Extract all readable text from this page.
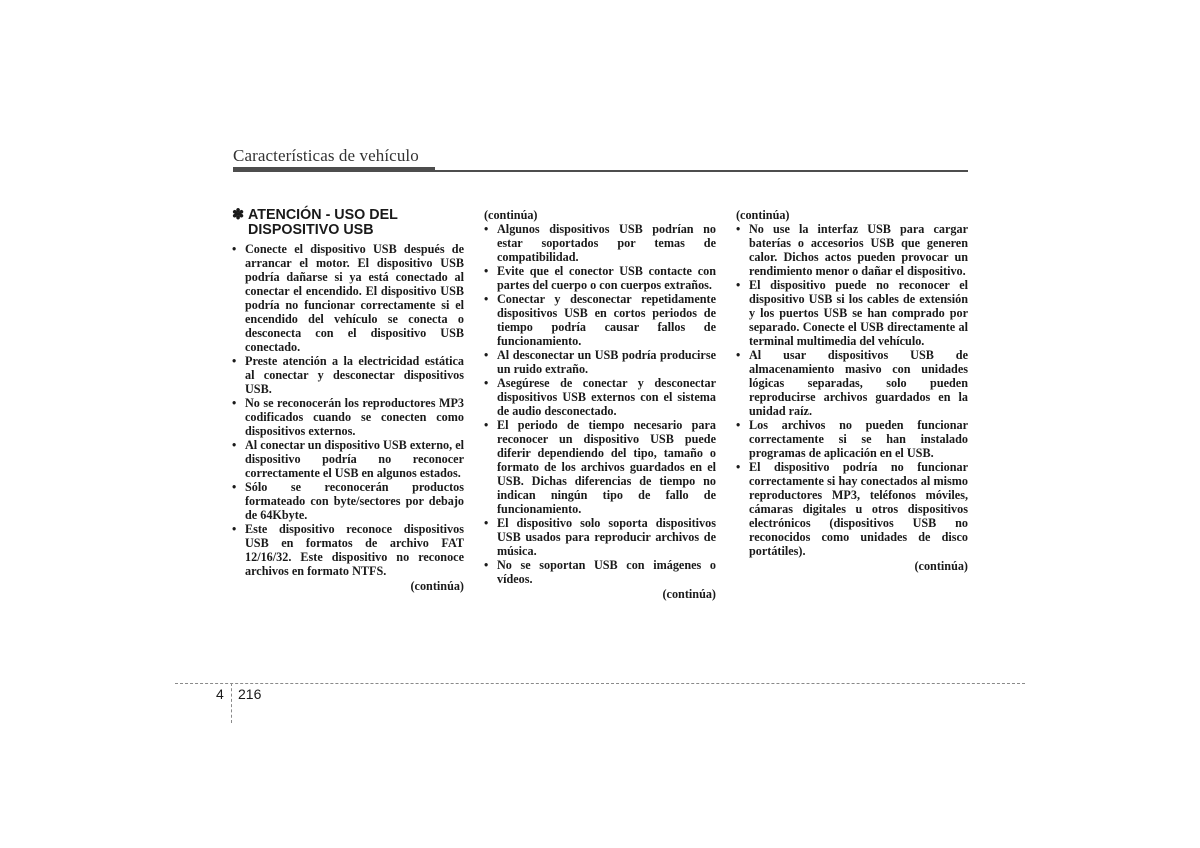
Características de vehículo
✽ ATENCIÓN - USO DEL DISPOSITIVO USB
• Conecte el dispositivo USB después de arrancar el motor. El dispositivo USB podría dañarse si ya está conectado al conectar el encendido. El dispositivo USB podría no funcionar correctamente si el encendido del vehículo se conecta o desconecta con el dispositivo USB conectado.
• Preste atención a la electricidad estática al conectar y desconectar dispositivos USB.
• No se reconocerán los reproductores MP3 codificados cuando se conecten como dispositivos externos.
• Al conectar un dispositivo USB externo, el dispositivo podría no reconocer correctamente el USB en algunos estados.
• Sólo se reconocerán productos formateado con byte/sectores por debajo de 64Kbyte.
• Este dispositivo reconoce dispositivos USB en formatos de archivo FAT 12/16/32. Este dispositivo no reconoce archivos en formato NTFS.
(continúa)
(continúa)
• Algunos dispositivos USB podrían no estar soportados por temas de compatibilidad.
• Evite que el conector USB contacte con partes del cuerpo o con cuerpos extraños.
• Conectar y desconectar repetidamente dispositivos USB en cortos periodos de tiempo podría causar fallos de funcionamiento.
• Al desconectar un USB podría producirse un ruido extraño.
• Asegúrese de conectar y desconectar dispositivos USB externos con el sistema de audio desconectado.
• El periodo de tiempo necesario para reconocer un dispositivo USB puede diferir dependiendo del tipo, tamaño o formato de los archivos guardados en el USB. Dichas diferencias de tiempo no indican ningún tipo de fallo de funcionamiento.
• El dispositivo solo soporta dispositivos USB usados para reproducir archivos de música.
• No se soportan USB con imágenes o vídeos.
(continúa)
(continúa)
• No use la interfaz USB para cargar baterías o accesorios USB que generen calor. Dichos actos pueden provocar un rendimiento menor o dañar el dispositivo.
• El dispositivo puede no reconocer el dispositivo USB si los cables de extensión y los puertos USB se han comprado por separado. Conecte el USB directamente al terminal multimedia del vehículo.
• Al usar dispositivos USB de almacenamiento masivo con unidades lógicas separadas, solo pueden reproducirse archivos guardados en la unidad raíz.
• Los archivos no pueden funcionar correctamente si se han instalado programas de aplicación en el USB.
• El dispositivo podría no funcionar correctamente si hay conectados al mismo reproductores MP3, teléfonos móviles, cámaras digitales u otros dispositivos electrónicos (dispositivos USB no reconocidos como unidades de disco portátiles).
(continúa)
4 216
